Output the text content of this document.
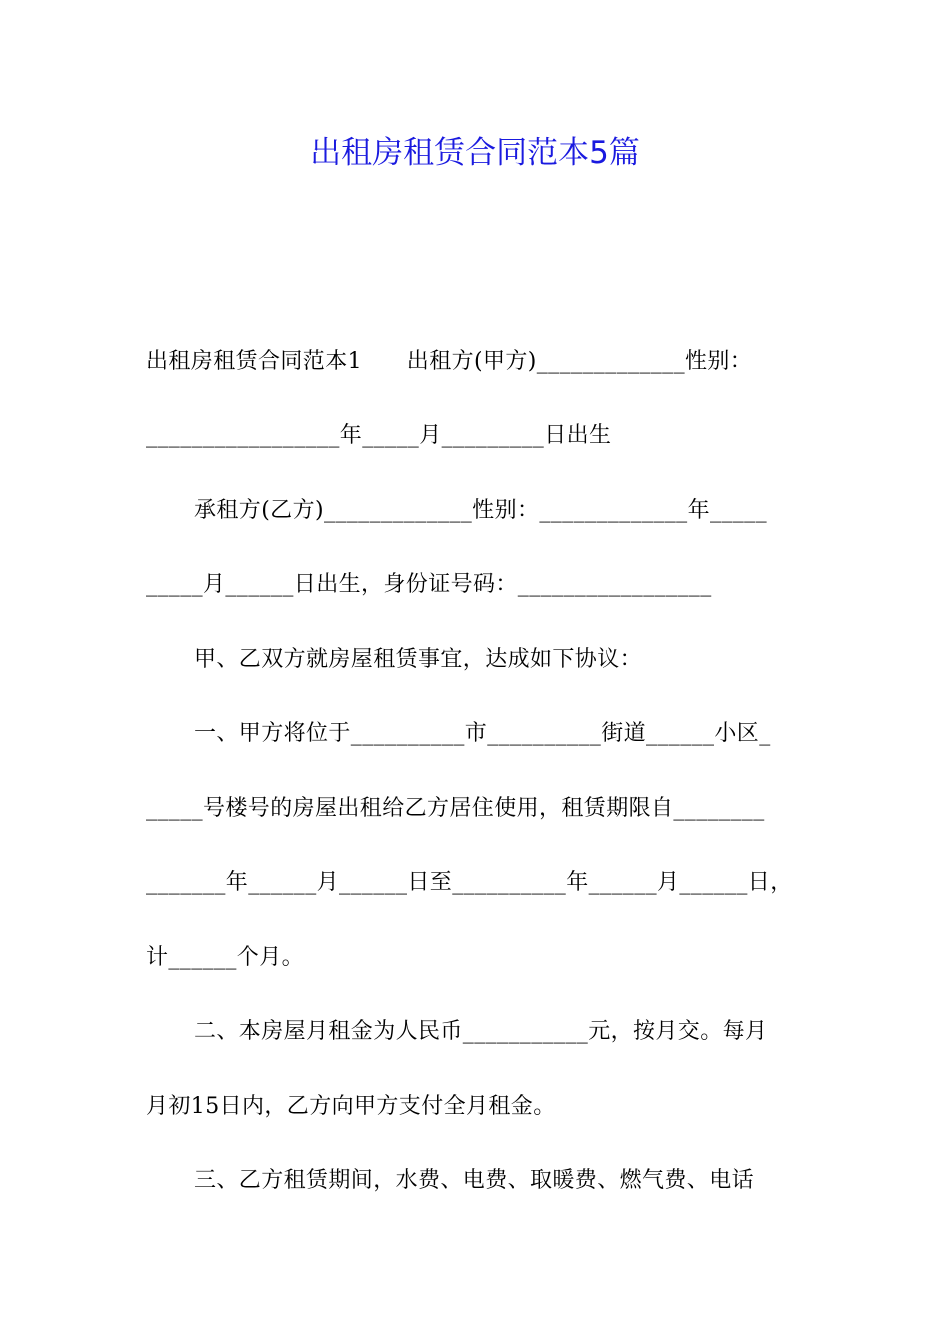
出租房租赁合同范本5篇
出租房租赁合同范本1　　出租方(甲方)_____________性别：
_________________年_____月_________日出生
承租方(乙方)_____________性别：_____________年_____
_____月______日出生，身份证号码：_________________
甲、乙双方就房屋租赁事宜，达成如下协议：
一、甲方将位于__________市__________街道______小区_
_____号楼号的房屋出租给乙方居住使用，租赁期限自________
_______年______月______日至__________年______月______日，
计______个月。
二、本房屋月租金为人民币___________元，按月交。每月
月初15日内，乙方向甲方支付全月租金。
三、乙方租赁期间，水费、电费、取暖费、燃气费、电话
